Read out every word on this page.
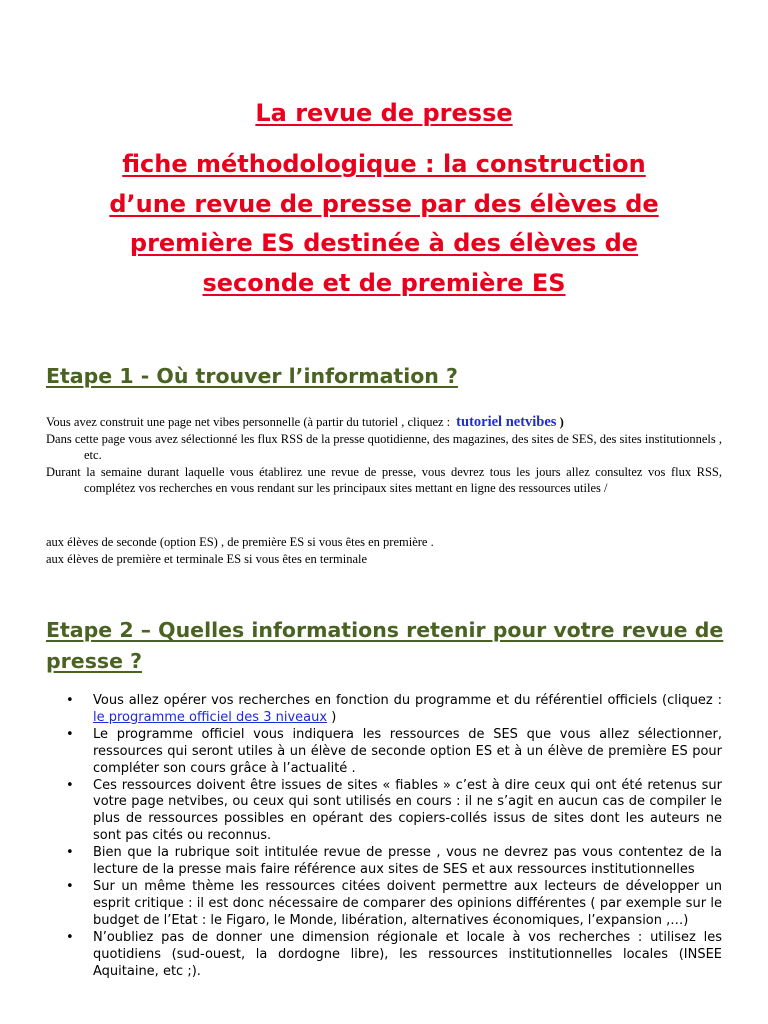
La revue de presse
fiche méthodologique : la construction
d’une revue de presse par des élèves de
première ES destinée à des élèves de
seconde et de première ES
Etape 1 - Où trouver l’information ?

Vous avez construit une page net vibes personnelle (à partir du tutoriel , cliquez : tutoriel netvibes )

Dans cette page vous avez sélectionné les flux RSS de la presse quotidienne, des magazines, des sites de SES, des sites institutionnels , etc.

Durant la semaine durant laquelle vous établirez une revue de presse, vous devrez tous les jours allez consultez vos flux RSS, complétez vos recherches en vous rendant sur les principaux sites mettant en ligne des ressources utiles /

aux élèves de seconde (option ES) , de première ES si vous êtes en première .

aux élèves de première et terminale ES si vous êtes en terminale

Etape 2 – Quelles informations retenir pour votre revue de presse ?
• Vous allez opérer vos recherches en fonction du programme et du référentiel officiels (cliquez : le programme officiel des 3 niveaux )
• Le programme officiel vous indiquera les ressources de SES que vous allez sélectionner, ressources qui seront utiles à un élève de seconde option ES et à un élève de première ES pour compléter son cours grâce à l’actualité .
• Ces ressources doivent être issues de sites « fiables » c’est à dire ceux qui ont été retenus sur votre page netvibes, ou ceux qui sont utilisés en cours : il ne s’agit en aucun cas de compiler le plus de ressources possibles en opérant des copiers-collés issus de sites dont les auteurs ne sont pas cités ou reconnus.
• Bien que la rubrique soit intitulée revue de presse , vous ne devrez pas vous contentez de la lecture de la presse mais faire référence aux sites de SES et aux ressources institutionnelles
• Sur un même thème les ressources citées doivent permettre aux lecteurs de développer un esprit critique : il est donc nécessaire de comparer des opinions différentes ( par exemple sur le budget de l’Etat : le Figaro, le Monde, libération, alternatives économiques, l’expansion ,…)
• N’oubliez pas de donner une dimension régionale et locale à vos recherches : utilisez les quotidiens (sud-ouest, la dordogne libre), les ressources institutionnelles locales (INSEE Aquitaine, etc ;).
